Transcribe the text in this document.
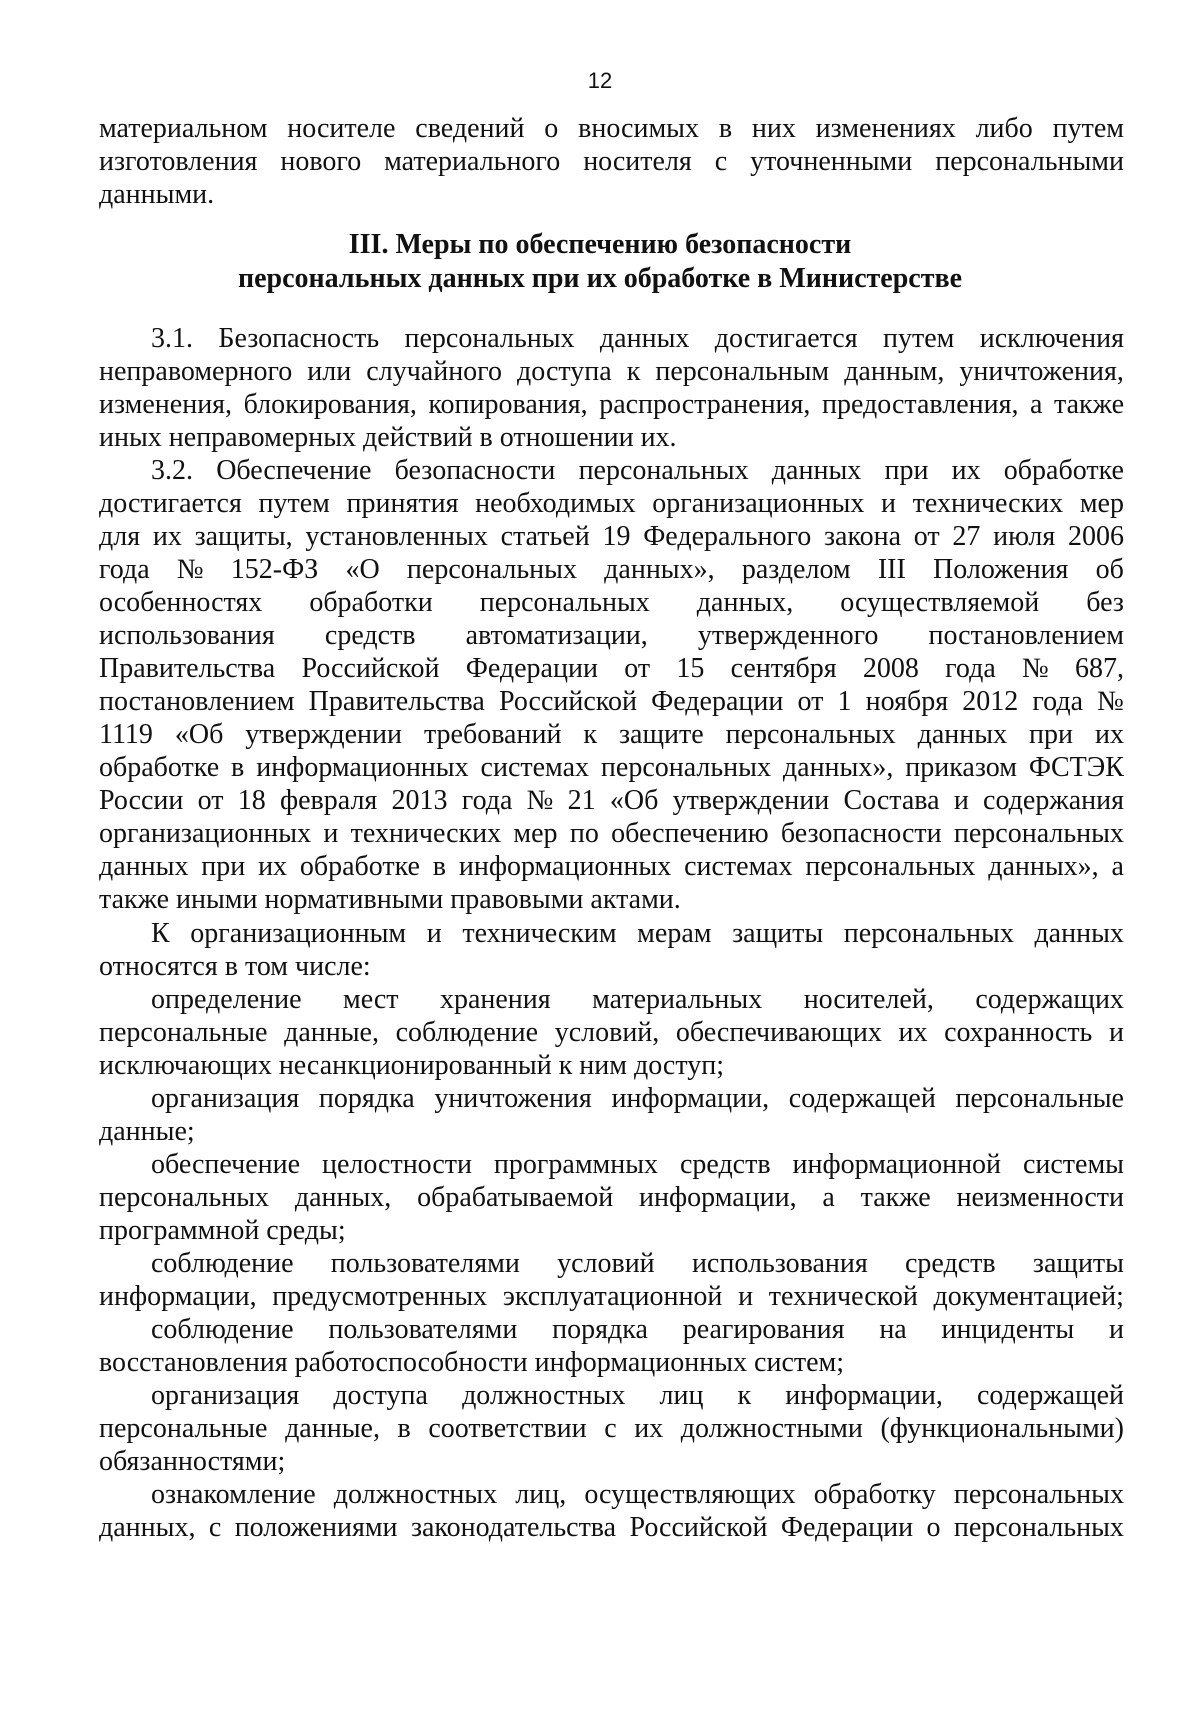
12
материальном носителе сведений о вносимых в них изменениях либо путем
изготовления нового материального носителя с уточненными персональными
данными.
III. Меры по обеспечению безопасности
персональных данных при их обработке в Министерстве
3.1. Безопасность персональных данных достигается путем исключения
неправомерного или случайного доступа к персональным данным, уничтожения,
изменения, блокирования, копирования, распространения, предоставления, а также
иных неправомерных действий в отношении их.
3.2. Обеспечение безопасности персональных данных при их обработке
достигается путем принятия необходимых организационных и технических мер
для их защиты, установленных статьей 19 Федерального закона от 27 июля 2006
года № 152-ФЗ «О персональных данных», разделом III Положения об
особенностях обработки персональных данных, осуществляемой без
использования средств автоматизации, утвержденного постановлением
Правительства Российской Федерации от 15 сентября 2008 года № 687,
постановлением Правительства Российской Федерации от 1 ноября 2012 года №
1119 «Об утверждении требований к защите персональных данных при их
обработке в информационных системах персональных данных», приказом ФСТЭК
России от 18 февраля 2013 года № 21 «Об утверждении Состава и содержания
организационных и технических мер по обеспечению безопасности персональных
данных при их обработке в информационных системах персональных данных», а
также иными нормативными правовыми актами.
К организационным и техническим мерам защиты персональных данных
относятся в том числе:
определение мест хранения материальных носителей, содержащих
персональные данные, соблюдение условий, обеспечивающих их сохранность и
исключающих несанкционированный к ним доступ;
организация порядка уничтожения информации, содержащей персональные
данные;
обеспечение целостности программных средств информационной системы
персональных данных, обрабатываемой информации, а также неизменности
программной среды;
соблюдение пользователями условий использования средств защиты
информации, предусмотренных эксплуатационной и технической документацией;
соблюдение пользователями порядка реагирования на инциденты и
восстановления работоспособности информационных систем;
организация доступа должностных лиц к информации, содержащей
персональные данные, в соответствии с их должностными (функциональными)
обязанностями;
ознакомление должностных лиц, осуществляющих обработку персональных
данных, с положениями законодательства Российской Федерации о персональных
